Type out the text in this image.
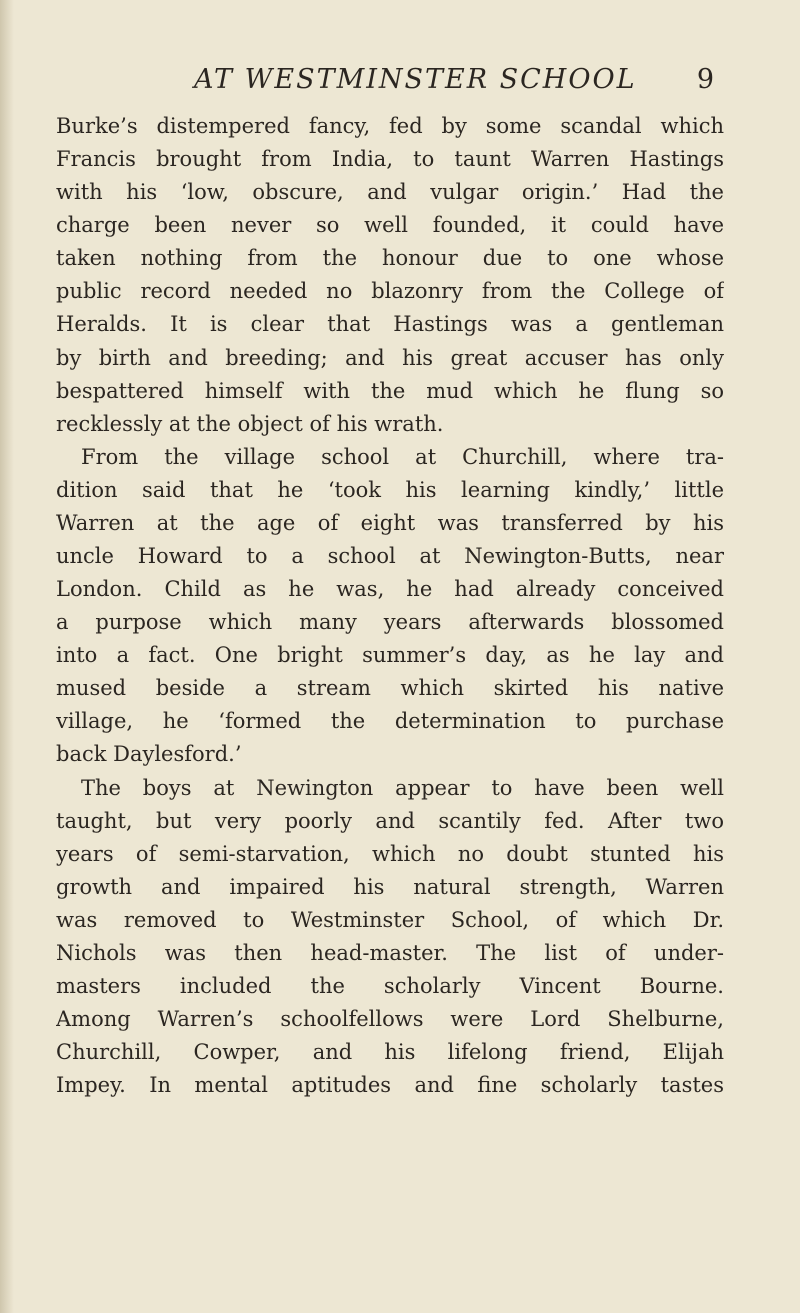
AT WESTMINSTER SCHOOL 9
Burke’s distempered fancy, fed by some scandal which
Francis brought from India, to taunt Warren Hastings
with his ‘low, obscure, and vulgar origin.’ Had the
charge been never so well founded, it could have
taken nothing from the honour due to one whose
public record needed no blazonry from the College of
Heralds. It is clear that Hastings was a gentleman
by birth and breeding; and his great accuser has only
bespattered himself with the mud which he flung so
recklessly at the object of his wrath.
From the village school at Churchill, where tra-
dition said that he ‘took his learning kindly,’ little
Warren at the age of eight was transferred by his
uncle Howard to a school at Newington-Butts, near
London. Child as he was, he had already conceived
a purpose which many years afterwards blossomed
into a fact. One bright summer’s day, as he lay and
mused beside a stream which skirted his native
village, he ‘formed the determination to purchase
back Daylesford.’
The boys at Newington appear to have been well
taught, but very poorly and scantily fed. After two
years of semi-starvation, which no doubt stunted his
growth and impaired his natural strength, Warren
was removed to Westminster School, of which Dr.
Nichols was then head-master. The list of under-
masters included the scholarly Vincent Bourne.
Among Warren’s schoolfellows were Lord Shelburne,
Churchill, Cowper, and his lifelong friend, Elijah
Impey. In mental aptitudes and fine scholarly tastes
